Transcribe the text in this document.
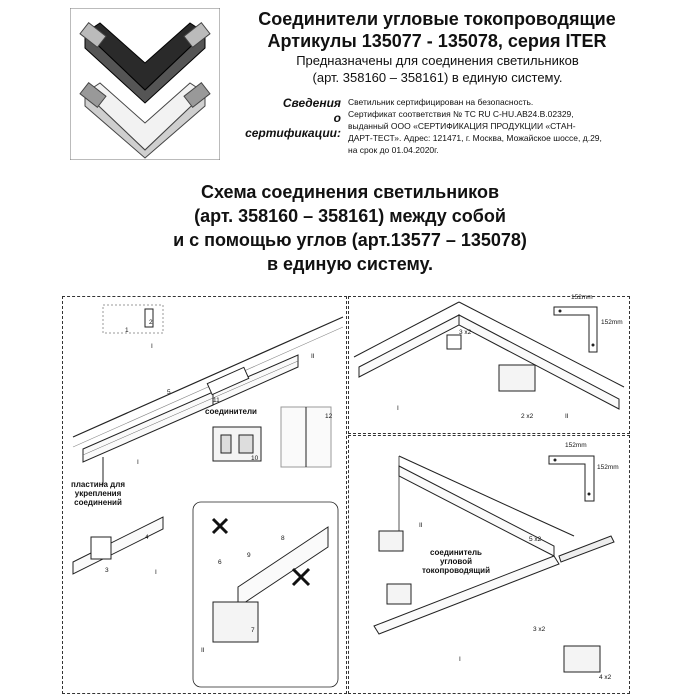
Соединители угловые токопроводящие
Артикулы 135077 - 135078, серия ITER
Предназначены для соединения светильников
(арт. 358160 – 358161) в единую систему.
Сведения
о сертификации:
Светильник сертифицирован на безопасность.
Сертификат соответствия № ТС RU C-HU.AB24.B.02329,
выданный ООО «СЕРТИФИКАЦИЯ ПРОДУКЦИИ «СТАН-
ДАРТ-ТЕСТ». Адрес: 121471, г. Москва, Можайское шоссе, д.29,
на срок до 01.04.2020г.
Схема соединения светильников
(арт. 358160 – 358161) между собой
и с помощью углов (арт.13577 – 135078)
в единую систему.
соединители
пластина для
укрепления
соединений
1
2
3
4
5
6
7
8
9
10
11
12
I
I
I
II
II
152mm
152mm
3 x2
2 x2
I
II
152mm
152mm
соединитель
угловой
токопроводящий
5 x2
3 x2
4 x2
I
II
